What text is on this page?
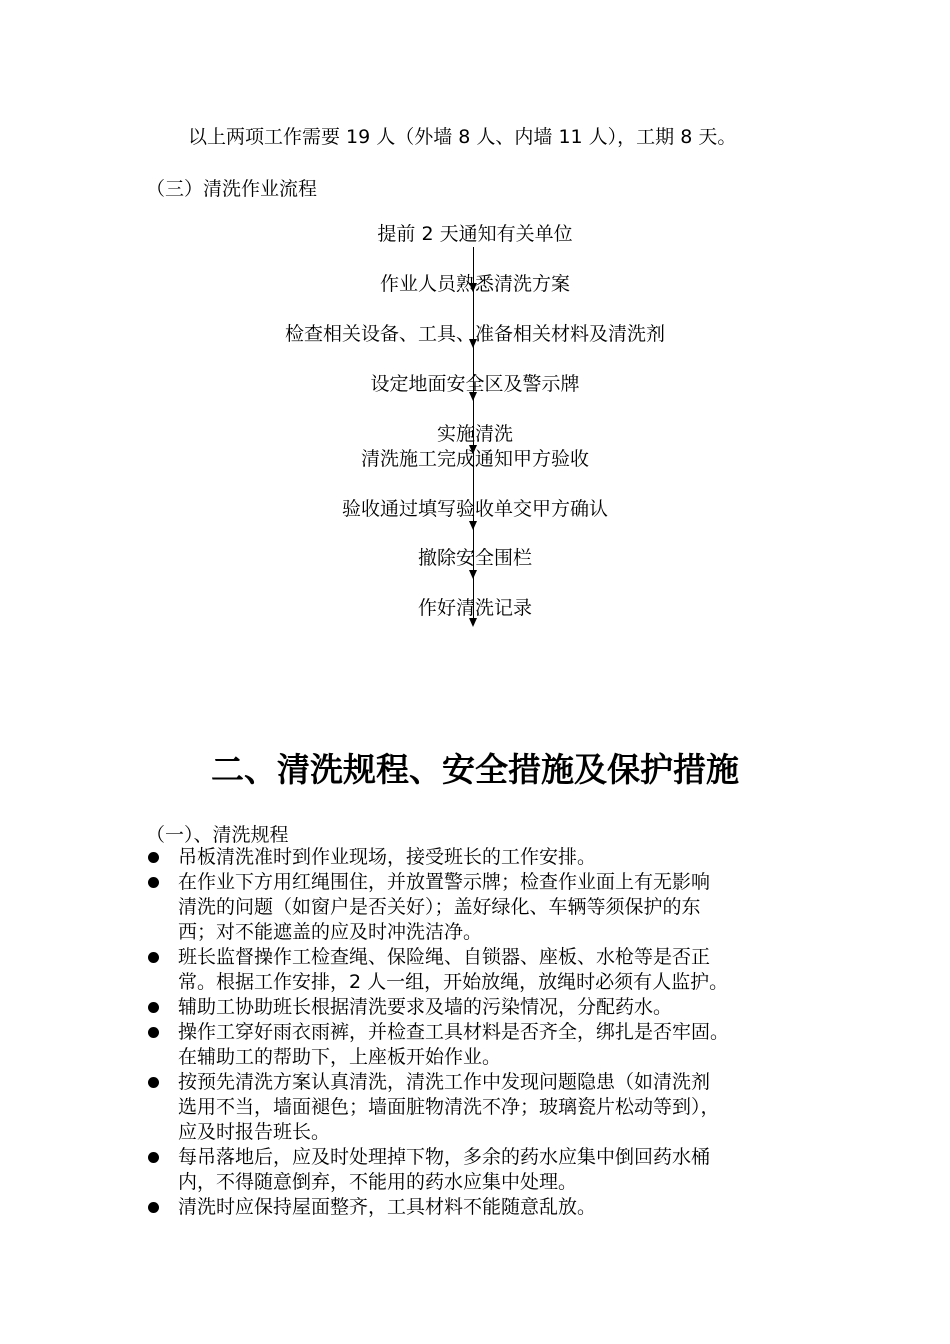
以上两项工作需要 19 人（外墙 8 人、内墙 11 人），工期 8 天。
（三）清洗作业流程
提前 2 天通知有关单位
作业人员熟悉清洗方案
检查相关设备、工具、准备相关材料及清洗剂
设定地面安全区及警示牌
实施清洗
清洗施工完成通知甲方验收
验收通过填写验收单交甲方确认
撤除安全围栏
作好清洗记录
二、清洗规程、安全措施及保护措施
（一）、清洗规程
吊板清洗准时到作业现场，接受班长的工作安排。
在作业下方用红绳围住，并放置警示牌；检查作业面上有无影响
清洗的问题（如窗户是否关好）；盖好绿化、车辆等须保护的东
西；对不能遮盖的应及时冲洗洁净。
班长监督操作工检查绳、保险绳、自锁器、座板、水枪等是否正
常。根据工作安排，2 人一组，开始放绳，放绳时必须有人监护。
辅助工协助班长根据清洗要求及墙的污染情况，分配药水。
操作工穿好雨衣雨裤，并检查工具材料是否齐全，绑扎是否牢固。
在辅助工的帮助下，上座板开始作业。
按预先清洗方案认真清洗，清洗工作中发现问题隐患（如清洗剂
选用不当，墙面褪色；墙面脏物清洗不净；玻璃瓷片松动等到），
应及时报告班长。
每吊落地后，应及时处理掉下物，多余的药水应集中倒回药水桶
内，不得随意倒弃，不能用的药水应集中处理。
清洗时应保持屋面整齐，工具材料不能随意乱放。
